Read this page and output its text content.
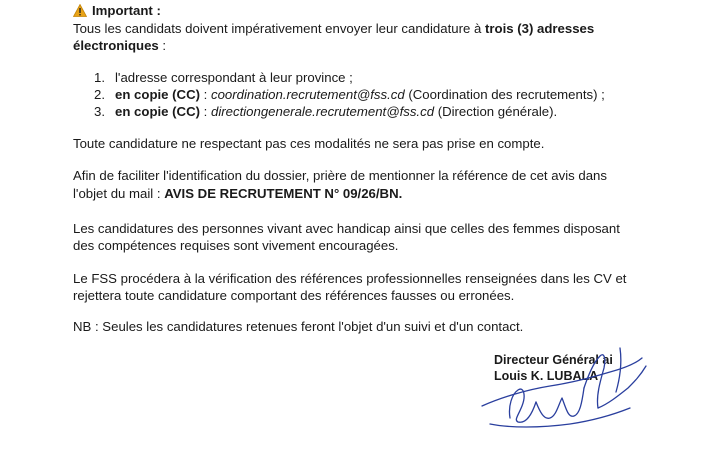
Important :
Tous les candidats doivent impérativement envoyer leur candidature à trois (3) adresses
électroniques :
1. l'adresse correspondant à leur province ;
2. en copie (CC) : coordination.recrutement@fss.cd (Coordination des recrutements) ;
3. en copie (CC) : directiongenerale.recrutement@fss.cd (Direction générale).
Toute candidature ne respectant pas ces modalités ne sera pas prise en compte.
Afin de faciliter l'identification du dossier, prière de mentionner la référence de cet avis dans
l'objet du mail : AVIS DE RECRUTEMENT N° 09/26/BN.
Les candidatures des personnes vivant avec handicap ainsi que celles des femmes disposant
des compétences requises sont vivement encouragées.
Le FSS procédera à la vérification des références professionnelles renseignées dans les CV et
rejettera toute candidature comportant des références fausses ou erronées.
NB : Seules les candidatures retenues feront l'objet d'un suivi et d'un contact.
Directeur Général ai
Louis K. LUBALA
